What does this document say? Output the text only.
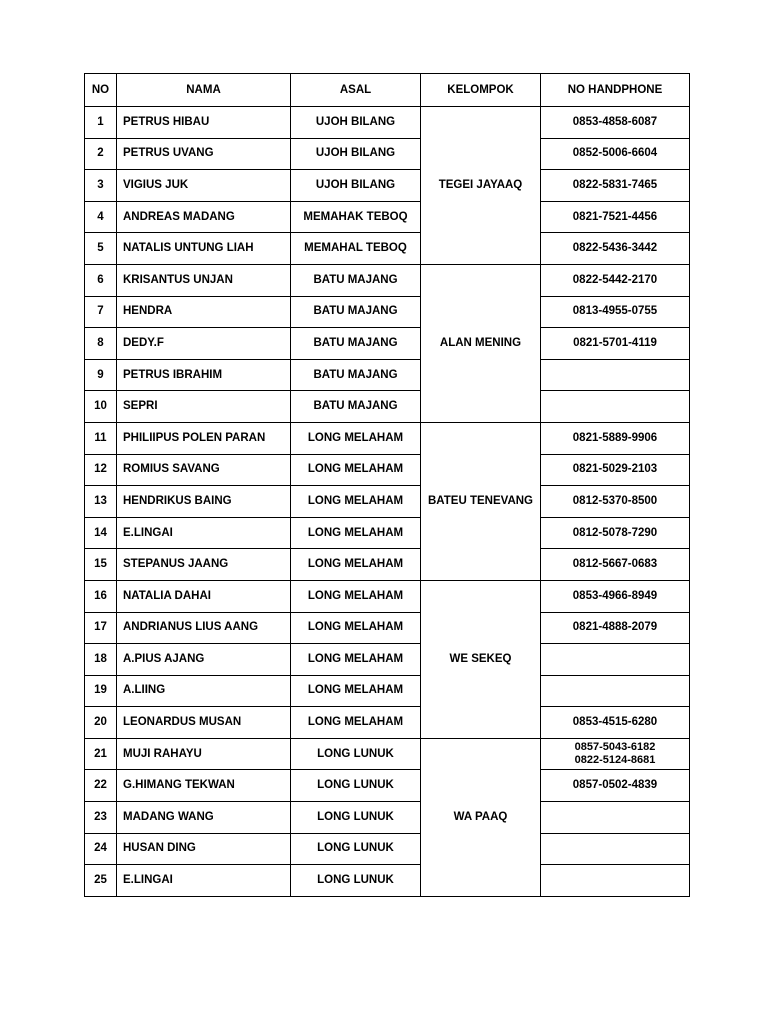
NO	NAMA	ASAL	KELOMPOK	NO HANDPHONE
1	PETRUS HIBAU	UJOH BILANG	TEGEI JAYAAQ	0853-4858-6087

2	PETRUS UVANG	UJOH BILANG		0852-5006-6604

3	VIGIUS JUK	UJOH BILANG		0822-5831-7465

4	ANDREAS MADANG	MEMAHAK TEBOQ		0821-7521-4456

5	NATALIS UNTUNG LIAH	MEMAHAL TEBOQ		0822-5436-3442

6	KRISANTUS UNJAN	BATU MAJANG	ALAN MENING	0822-5442-2170

7	HENDRA	BATU MAJANG		0813-4955-0755

8	DEDY.F	BATU MAJANG		0821-5701-4119

9	PETRUS IBRAHIM	BATU MAJANG		
10	SEPRI	BATU MAJANG		
11	PHILIIPUS POLEN PARAN	LONG MELAHAM	BATEU TENEVANG	0821-5889-9906

12	ROMIUS SAVANG	LONG MELAHAM		0821-5029-2103

13	HENDRIKUS BAING	LONG MELAHAM		0812-5370-8500

14	E.LINGAI	LONG MELAHAM		0812-5078-7290

15	STEPANUS JAANG	LONG MELAHAM		0812-5667-0683

16	NATALIA DAHAI	LONG MELAHAM	WE SEKEQ	0853-4966-8949

17	ANDRIANUS LIUS AANG	LONG MELAHAM		0821-4888-2079

18	A.PIUS AJANG	LONG MELAHAM		
19	A.LIING	LONG MELAHAM		
20	LEONARDUS MUSAN	LONG MELAHAM		0853-4515-6280

21	MUJI RAHAYU	LONG LUNUK	WA PAAQ	0857-5043-6182
0822-5124-8681

22	G.HIMANG TEKWAN	LONG LUNUK		0857-0502-4839

23	MADANG WANG	LONG LUNUK		
24	HUSAN DING	LONG LUNUK		
25	E.LINGAI	LONG LUNUK		
